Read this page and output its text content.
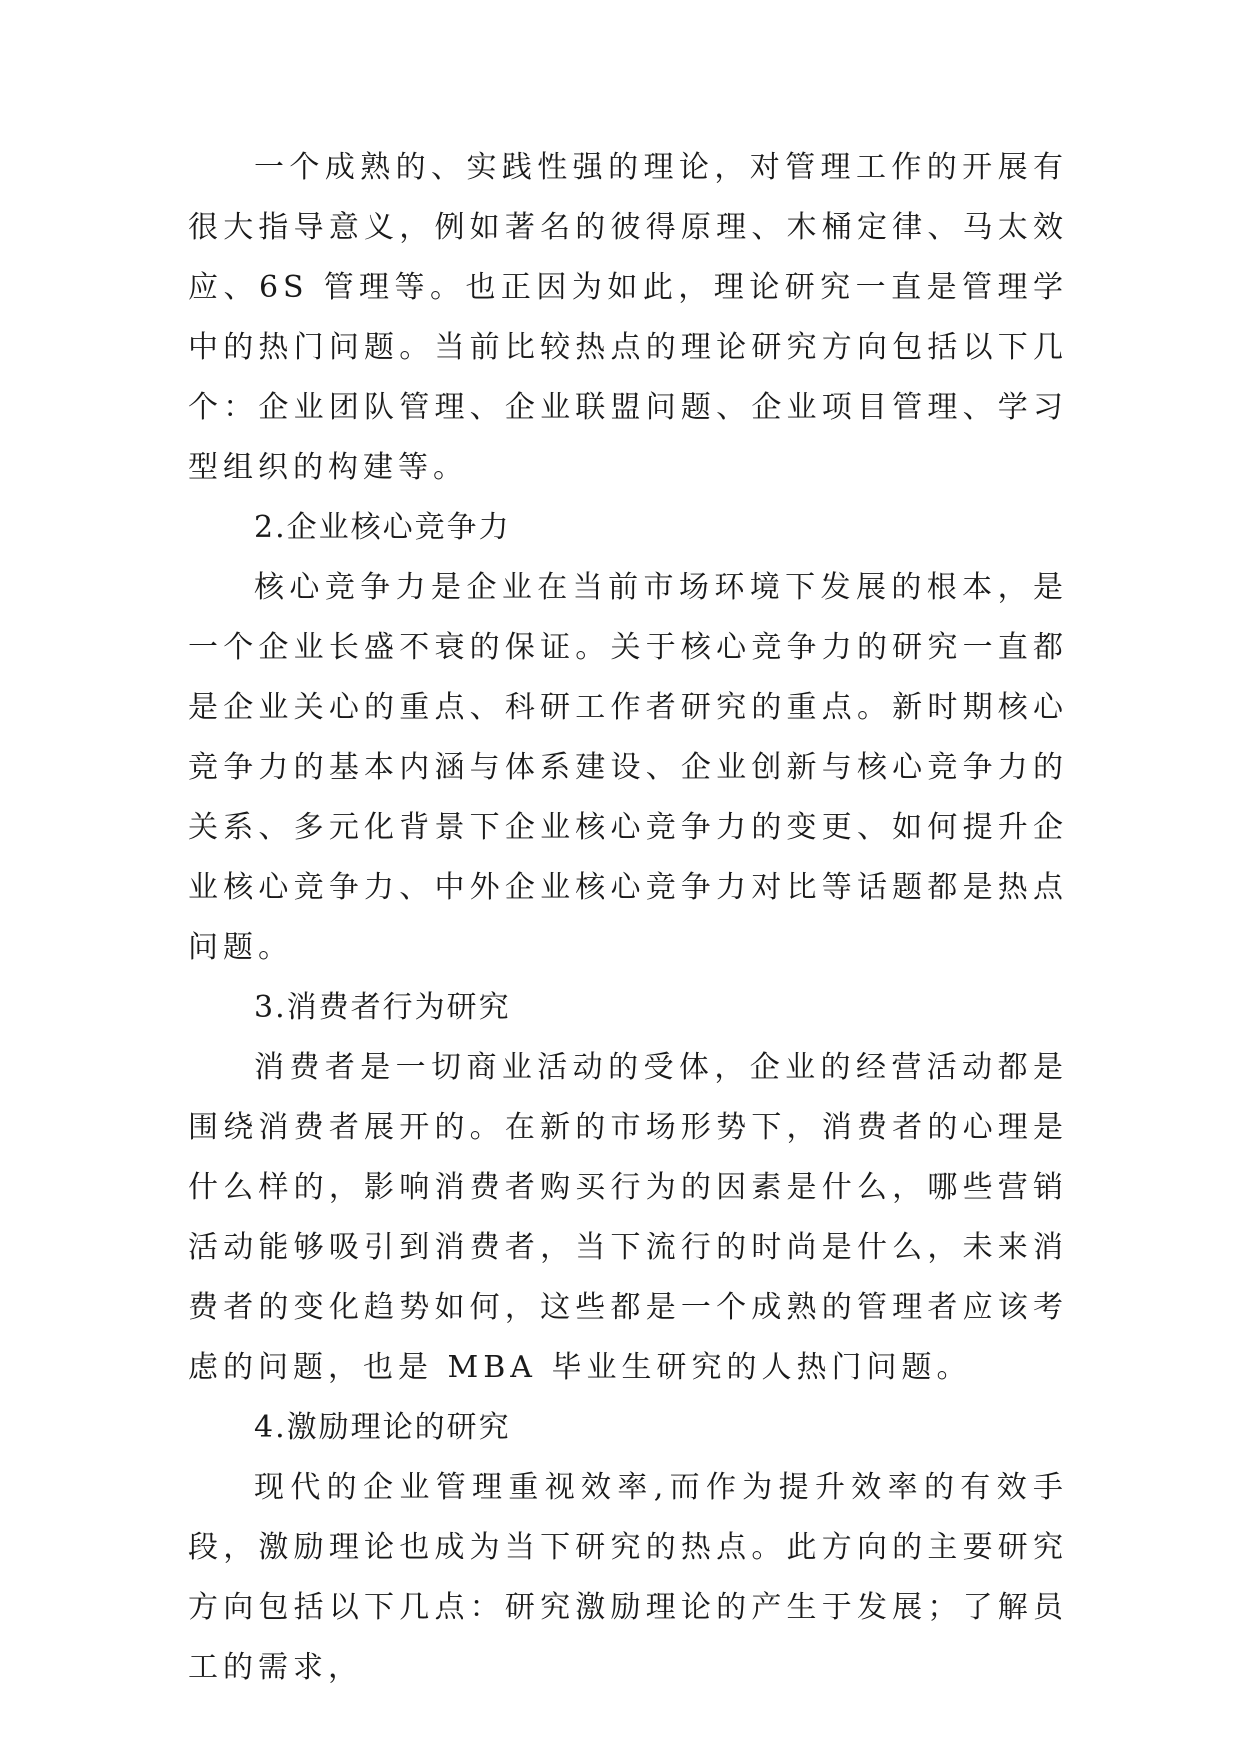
一个成熟的、实践性强的理论，对管理工作的开展有很大指导意义，例如著名的彼得原理、木桶定律、马太效应、6S 管理等。也正因为如此，理论研究一直是管理学中的热门问题。当前比较热点的理论研究方向包括以下几个：企业团队管理、企业联盟问题、企业项目管理、学习型组织的构建等。

2.企业核心竞争力

核心竞争力是企业在当前市场环境下发展的根本，是一个企业长盛不衰的保证。关于核心竞争力的研究一直都是企业关心的重点、科研工作者研究的重点。新时期核心竞争力的基本内涵与体系建设、企业创新与核心竞争力的关系、多元化背景下企业核心竞争力的变更、如何提升企业核心竞争力、中外企业核心竞争力对比等话题都是热点问题。

3.消费者行为研究

消费者是一切商业活动的受体，企业的经营活动都是围绕消费者展开的。在新的市场形势下，消费者的心理是什么样的，影响消费者购买行为的因素是什么，哪些营销活动能够吸引到消费者，当下流行的时尚是什么，未来消费者的变化趋势如何，这些都是一个成熟的管理者应该考虑的问题，也是 MBA 毕业生研究的人热门问题。

4.激励理论的研究

现代的企业管理重视效率,而作为提升效率的有效手段，激励理论也成为当下研究的热点。此方向的主要研究方向包括以下几点：研究激励理论的产生于发展；了解员工的需求，
